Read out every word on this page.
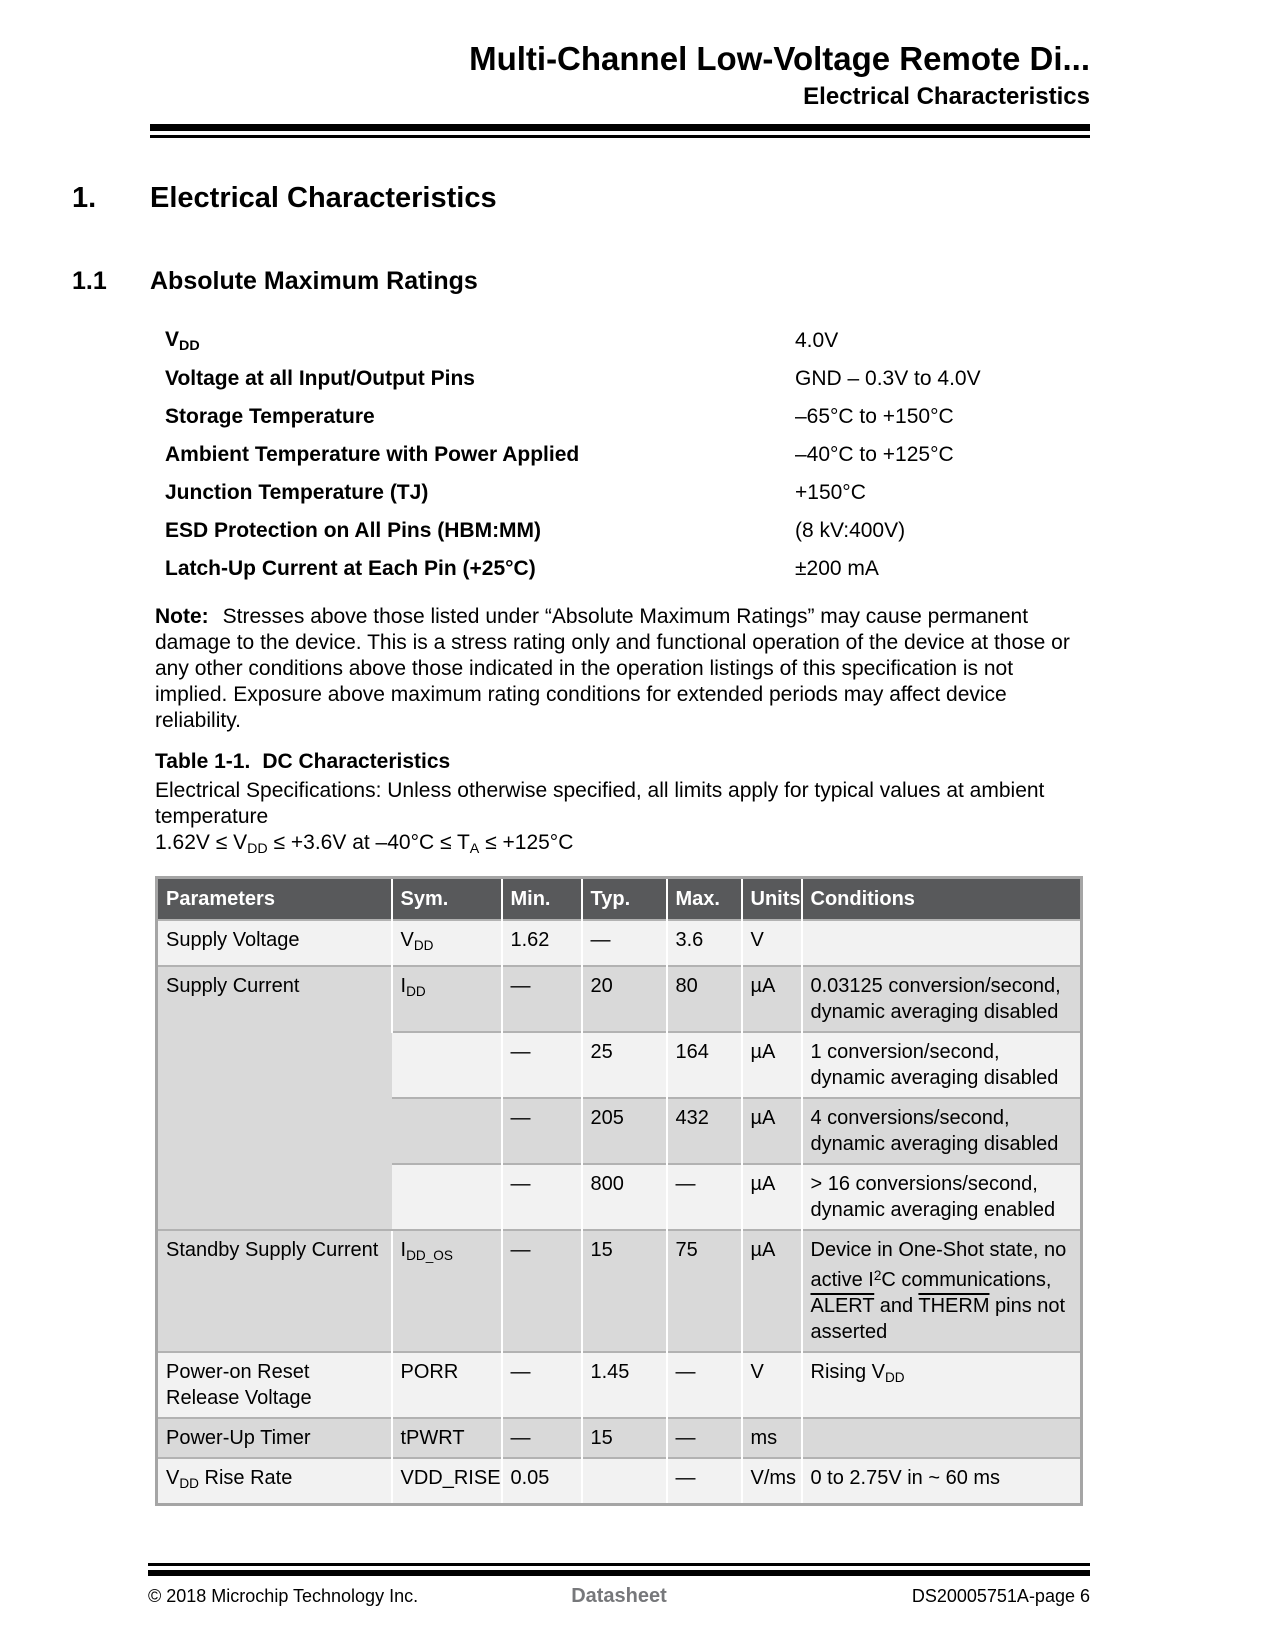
Multi-Channel Low-Voltage Remote Di...
Electrical Characteristics
1. Electrical Characteristics
1.1 Absolute Maximum Ratings
$V_{DD}$	4.0V
Voltage at all Input/Output Pins	GND – 0.3V to 4.0V
Storage Temperature	–65°C to +150°C
Ambient Temperature with Power Applied	–40°C to +125°C
Junction Temperature (TJ)	+150°C
ESD Protection on All Pins (HBM:MM)	(8 kV:400V)
Latch-Up Current at Each Pin (+25°C)	±200 mA
Note: Stresses above those listed under “Absolute Maximum Ratings” may cause permanent damage to the device. This is a stress rating only and functional operation of the device at those or any other conditions above those indicated in the operation listings of this specification is not implied. Exposure above maximum rating conditions for extended periods may affect device reliability.
Table 1-1. DC Characteristics
Electrical Specifications: Unless otherwise specified, all limits apply for typical values at ambient temperature
$1.62V \le V_{DD} \le +3.6V$ at $-40^\circ C \le T_A \le +125^\circ C$
Parameters	Sym.	Min.	Typ.	Max.	Units	Conditions
Supply Voltage	$V_{DD}$	1.62	—	3.6	V	
Supply Current	$I_{DD}$	—	20	80	µA	0.03125 conversion/second, dynamic averaging disabled
		—	25	164	µA	1 conversion/second, dynamic averaging disabled
		—	205	432	µA	4 conversions/second, dynamic averaging disabled
		—	800	—	µA	> 16 conversions/second, dynamic averaging enabled
Standby Supply Current	$I_{DD\_OS}$	—	15	75	µA	Device in One-Shot state, no active $I^2C$ communications, ALERT and THERM pins not asserted
Power-on Reset Release Voltage	PORR	—	1.45	—	V	Rising $V_{DD}$
Power-Up Timer	tPWRT	—	15	—	ms	
$V_{DD}$ Rise Rate	VDD_RISE	0.05		—	V/ms	0 to 2.75V in ~ 60 ms
© 2018 Microchip Technology Inc.	Datasheet	DS20005751A-page 6
